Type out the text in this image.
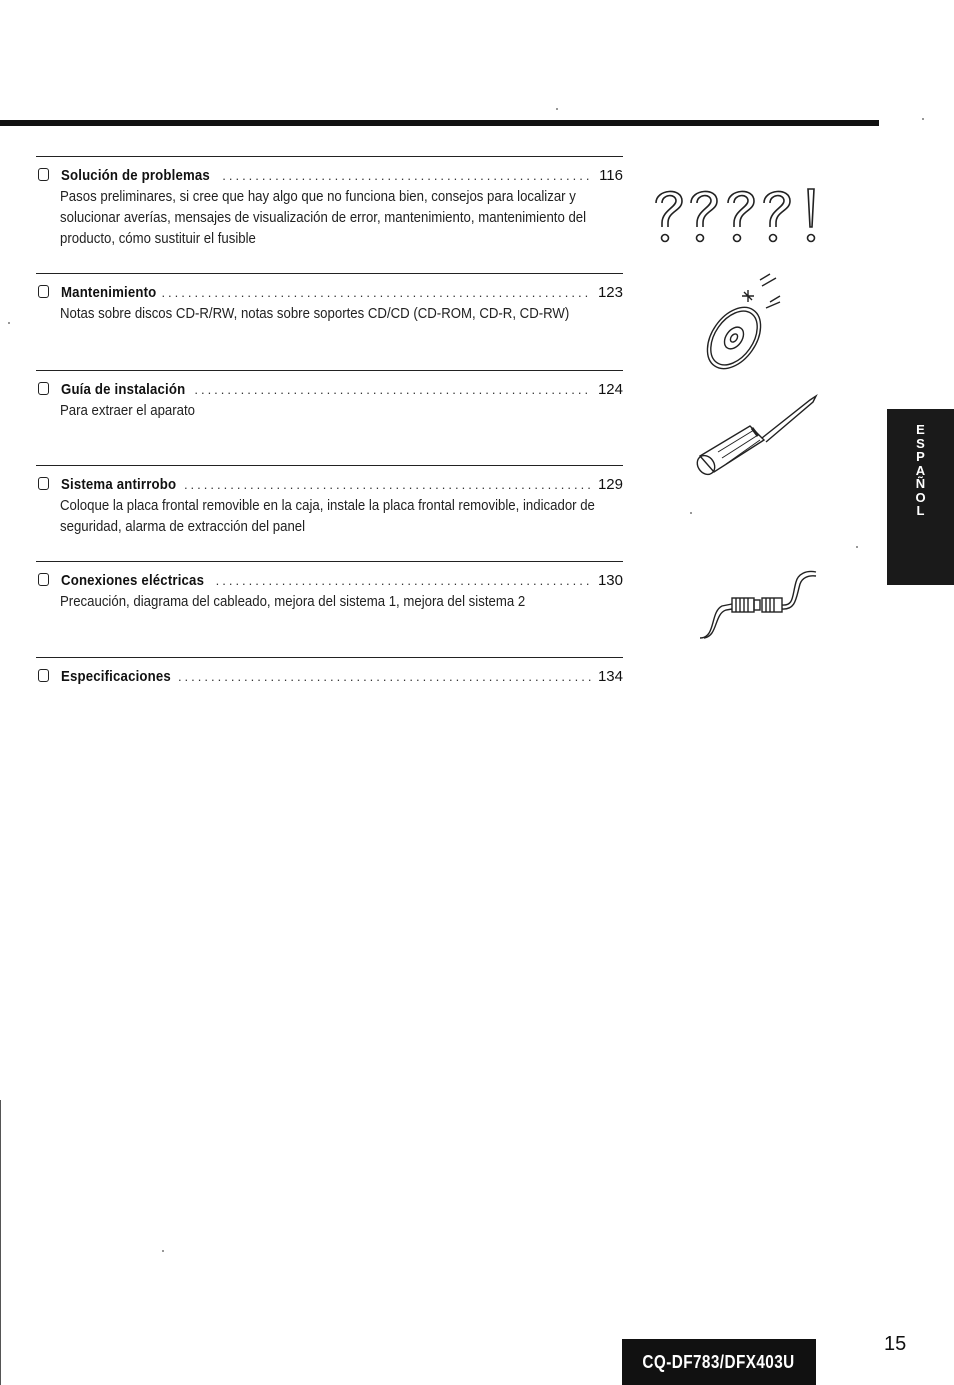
Solución de problemas .....	116
Pasos preliminares, si cree que hay algo que no funciona bien, consejos para localizar y solucionar averías, mensajes de visualización de error, mantenimiento, mantenimiento del producto, cómo sustituir el fusible
Mantenimiento .....	123
Notas sobre discos CD-R/RW, notas sobre soportes CD/CD (CD-ROM, CD-R, CD-RW)
Guía de instalación .....	124
Para extraer el aparato
Sistema antirrobo .....	129
Coloque la placa frontal removible en la caja, instale la placa frontal removible, indicador de seguridad, alarma de extracción del panel
Conexiones eléctricas .....	130
Precaución, diagrama del cableado, mejora del sistema 1, mejora del sistema 2
Especificaciones .....	134
E
S
P
A
Ñ
O
L
CQ-DF783/DFX403U
15
